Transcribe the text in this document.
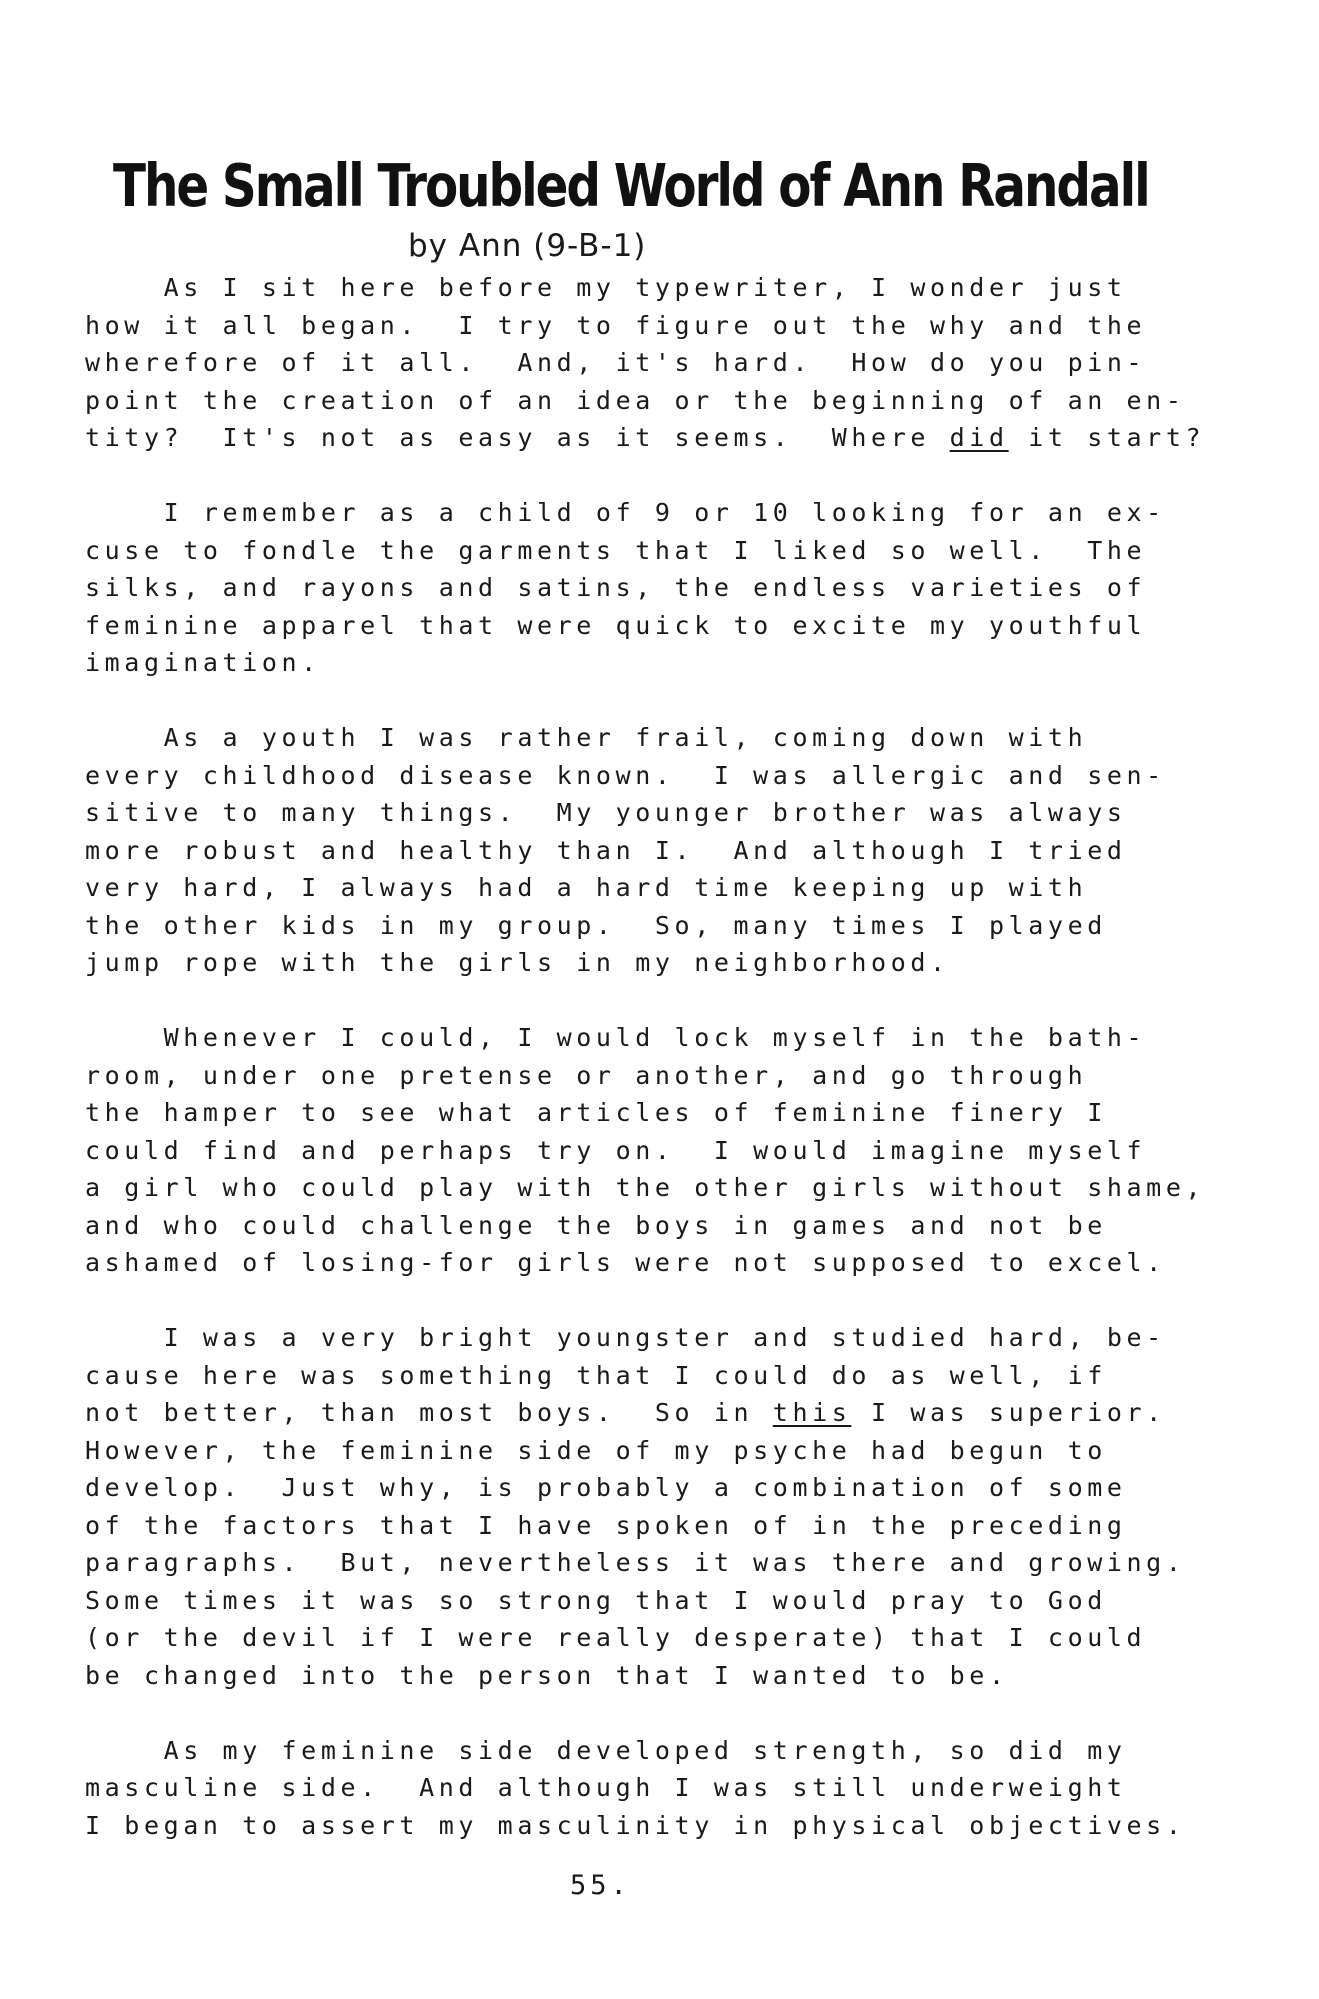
The Small Troubled World of Ann Randall
by Ann (9-B-1)
As I sit here before my typewriter, I wonder just
how it all began.  I try to figure out the why and the
wherefore of it all.  And, it's hard.  How do you pin-
point the creation of an idea or the beginning of an en-
tity?  It's not as easy as it seems.  Where did it start?
I remember as a child of 9 or 10 looking for an ex-
cuse to fondle the garments that I liked so well.  The
silks, and rayons and satins, the endless varieties of
feminine apparel that were quick to excite my youthful
imagination.
As a youth I was rather frail, coming down with
every childhood disease known.  I was allergic and sen-
sitive to many things.  My younger brother was always
more robust and healthy than I.  And although I tried
very hard, I always had a hard time keeping up with
the other kids in my group.  So, many times I played
jump rope with the girls in my neighborhood.
Whenever I could, I would lock myself in the bath-
room, under one pretense or another, and go through
the hamper to see what articles of feminine finery I
could find and perhaps try on.  I would imagine myself
a girl who could play with the other girls without shame,
and who could challenge the boys in games and not be
ashamed of losing-for girls were not supposed to excel.
I was a very bright youngster and studied hard, be-
cause here was something that I could do as well, if
not better, than most boys.  So in this I was superior.
However, the feminine side of my psyche had begun to
develop.  Just why, is probably a combination of some
of the factors that I have spoken of in the preceding
paragraphs.  But, nevertheless it was there and growing.
Some times it was so strong that I would pray to God
(or the devil if I were really desperate) that I could
be changed into the person that I wanted to be.
As my feminine side developed strength, so did my
masculine side.  And although I was still underweight
I began to assert my masculinity in physical objectives.
55.
